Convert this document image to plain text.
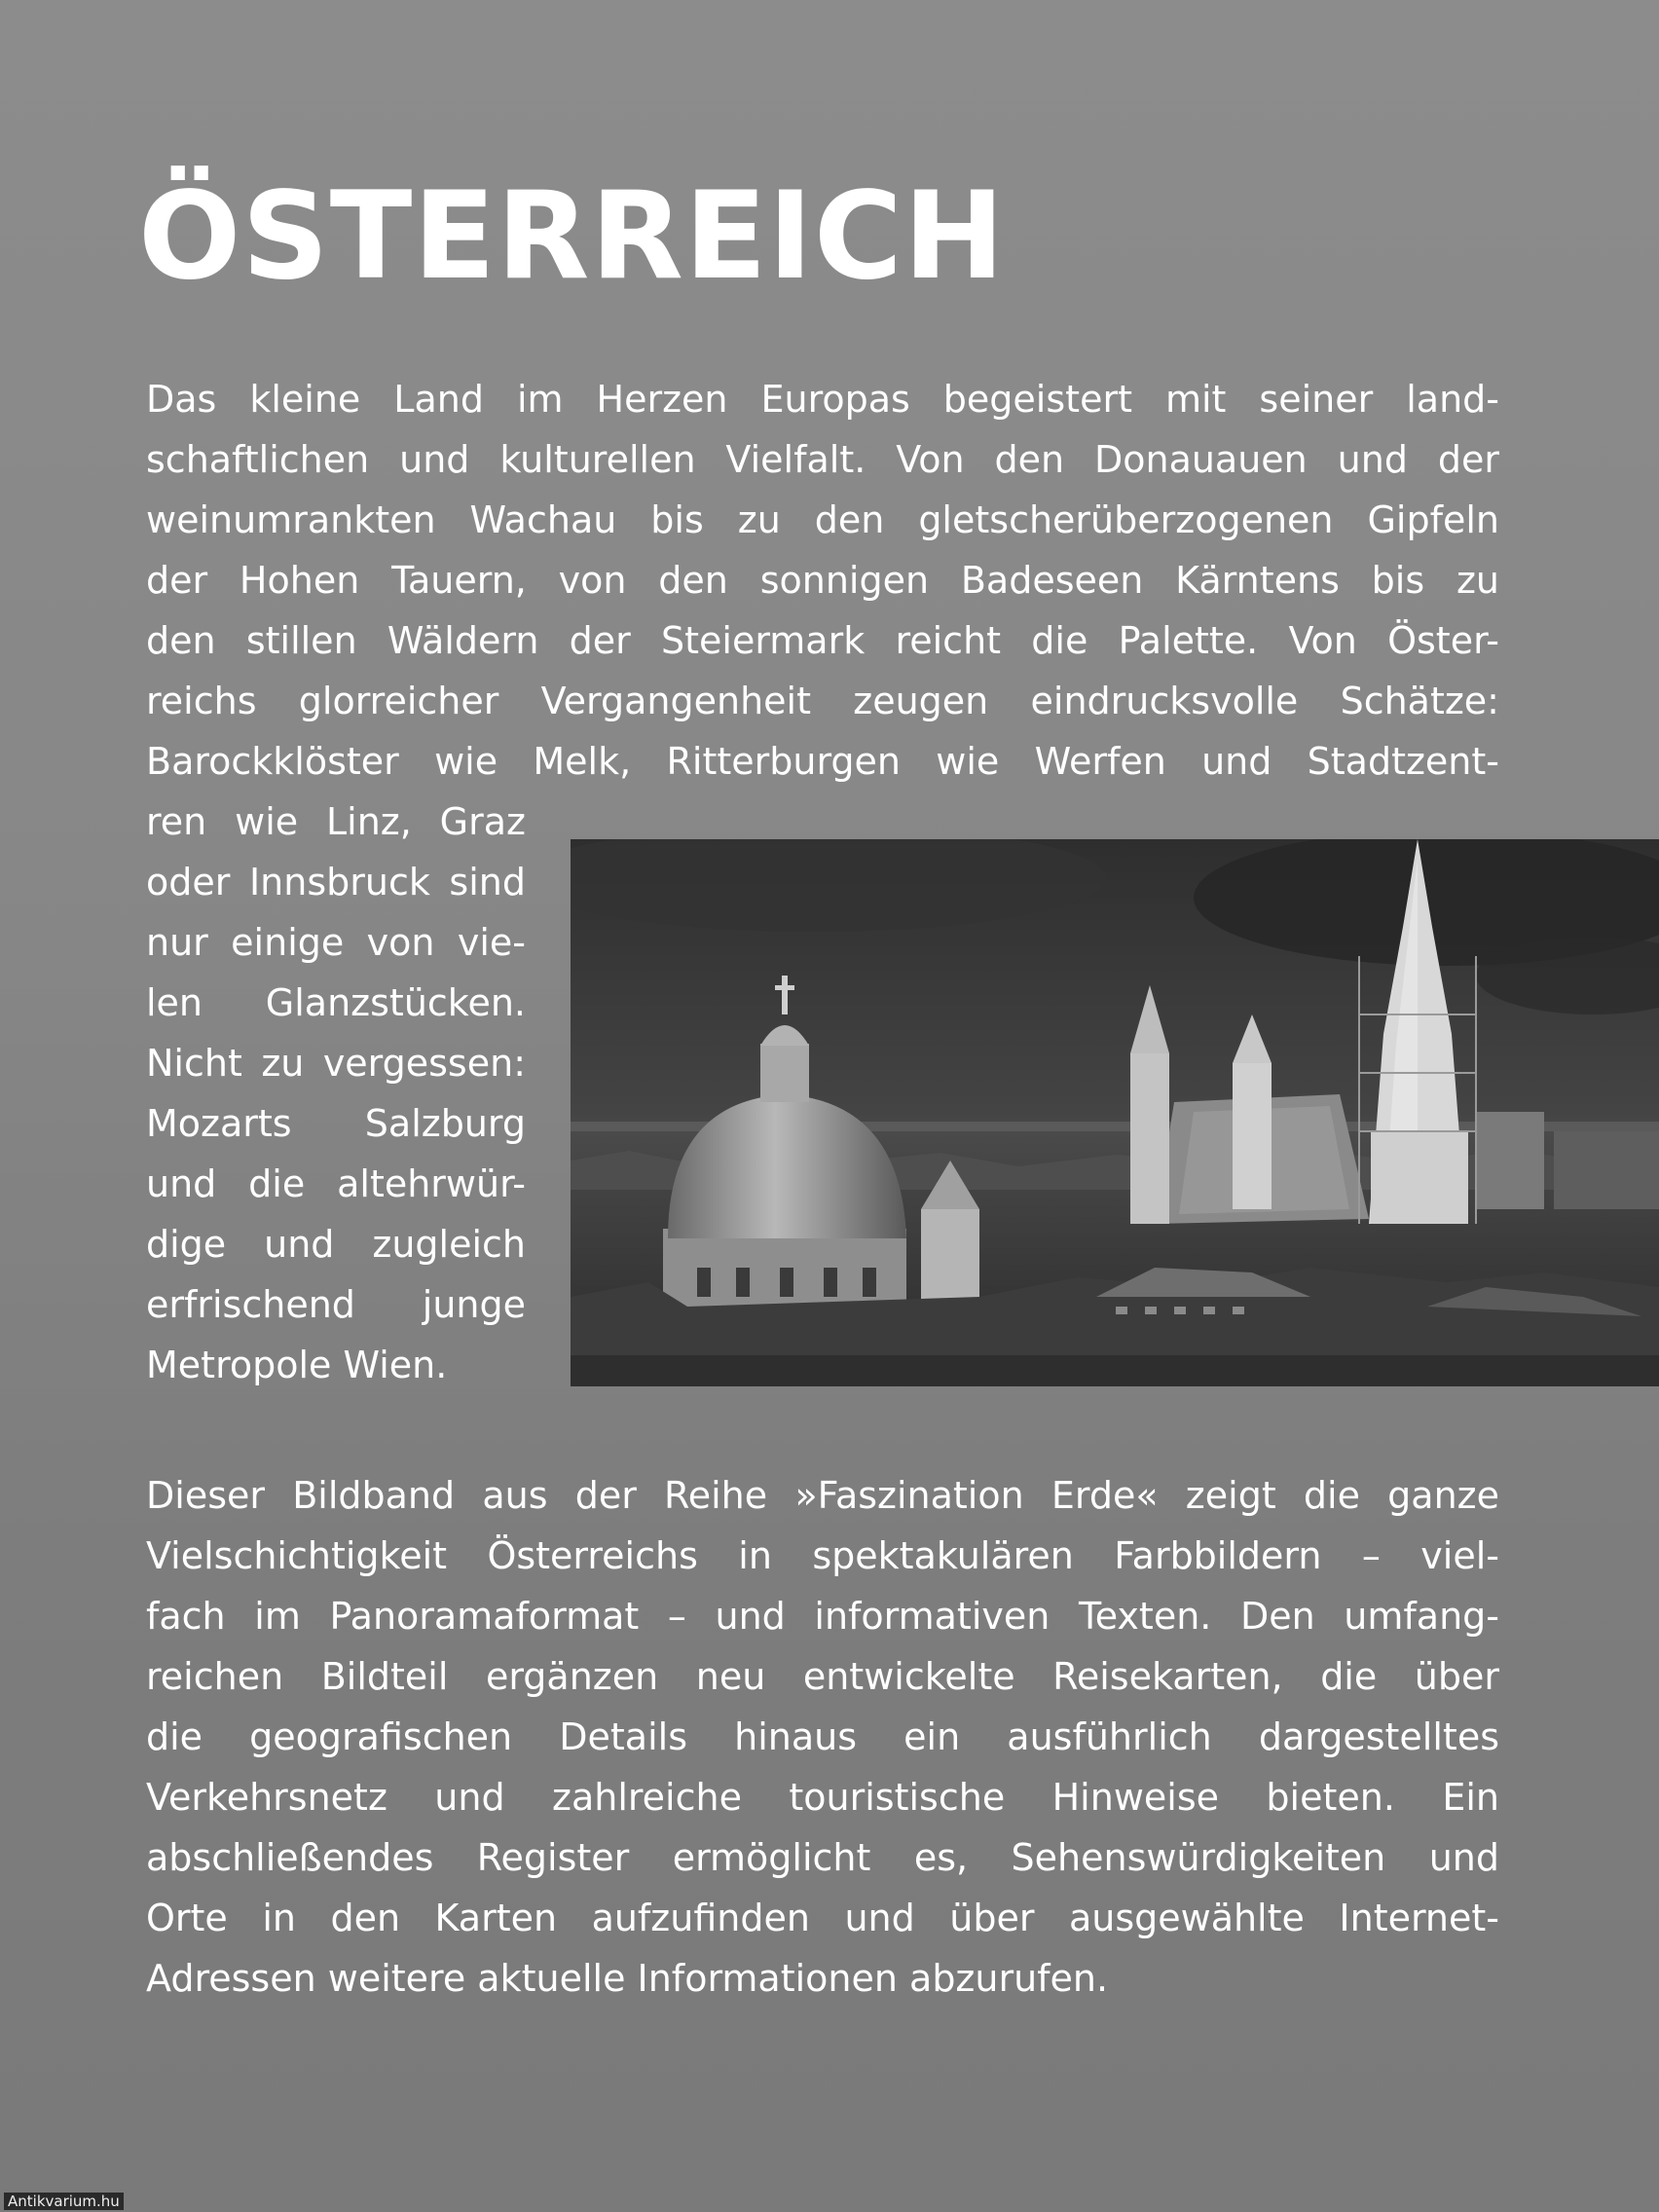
ÖSTERREICH
Das kleine Land im Herzen Europas begeistert mit seiner land-
schaftlichen und kulturellen Vielfalt. Von den Donauauen und der
weinumrankten Wachau bis zu den gletscherüberzogenen Gipfeln
der Hohen Tauern, von den sonnigen Badeseen Kärntens bis zu
den stillen Wäldern der Steiermark reicht die Palette. Von Öster-
reichs glorreicher Vergangenheit zeugen eindrucksvolle Schätze:
Barockklöster wie Melk, Ritterburgen wie Werfen und Stadtzent-
ren wie Linz, Graz
oder Innsbruck sind
nur einige von vie-
len Glanzstücken.
Nicht zu vergessen:
Mozarts Salzburg
und die altehrwür-
dige und zugleich
erfrischend junge
Metropole Wien.
Dieser Bildband aus der Reihe »Faszination Erde« zeigt die ganze
Vielschichtigkeit Österreichs in spektakulären Farbbildern – viel-
fach im Panoramaformat – und informativen Texten. Den umfang-
reichen Bildteil ergänzen neu entwickelte Reisekarten, die über
die geografischen Details hinaus ein ausführlich dargestelltes
Verkehrsnetz und zahlreiche touristische Hinweise bieten. Ein
abschließendes Register ermöglicht es, Sehenswürdigkeiten und
Orte in den Karten aufzufinden und über ausgewählte Internet-
Adressen weitere aktuelle Informationen abzurufen.
Antikvarium.hu
